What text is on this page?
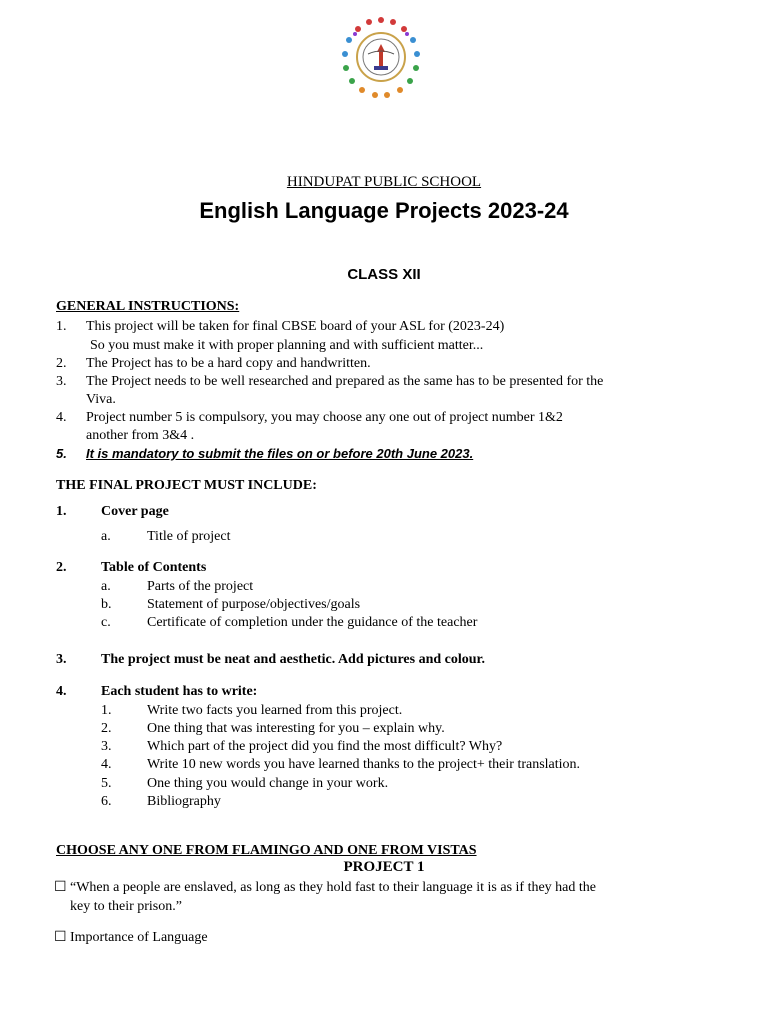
HINDUPAT PUBLIC SCHOOL
English Language Projects 2023-24
CLASS XII
GENERAL INSTRUCTIONS:
1. This project will be taken for final CBSE board of your ASL for (2023-24)
So you must make it with proper planning and with sufficient matter...
2. The Project has to be a hard copy and handwritten.
3. The Project needs to be well researched and prepared as the same has to be presented for the
Viva.
4. Project number 5 is compulsory, you may choose any one out of project number 1&2
another from 3&4 .
5. It is mandatory to submit the files on or before 20th June 2023.
THE FINAL PROJECT MUST INCLUDE:
1. Cover page
a.	Title of project
2. Table of Contents
a.	Parts of the project
b.	Statement of purpose/objectives/goals
c.	Certificate of completion under the guidance of the teacher
3. The project must be neat and aesthetic. Add pictures and colour.
4. Each student has to write:
1.	Write two facts you learned from this project.
2.	One thing that was interesting for you – explain why.
3.	Which part of the project did you find the most difficult? Why?
4.	Write 10 new words you have learned thanks to the project+ their translation.
5.	One thing you would change in your work.
6.	Bibliography
CHOOSE ANY ONE FROM FLAMINGO AND ONE FROM VISTAS
PROJECT 1
☐ “When a people are enslaved, as long as they hold fast to their language it is as if they had the
key to their prison.”
☐ Importance of Language
